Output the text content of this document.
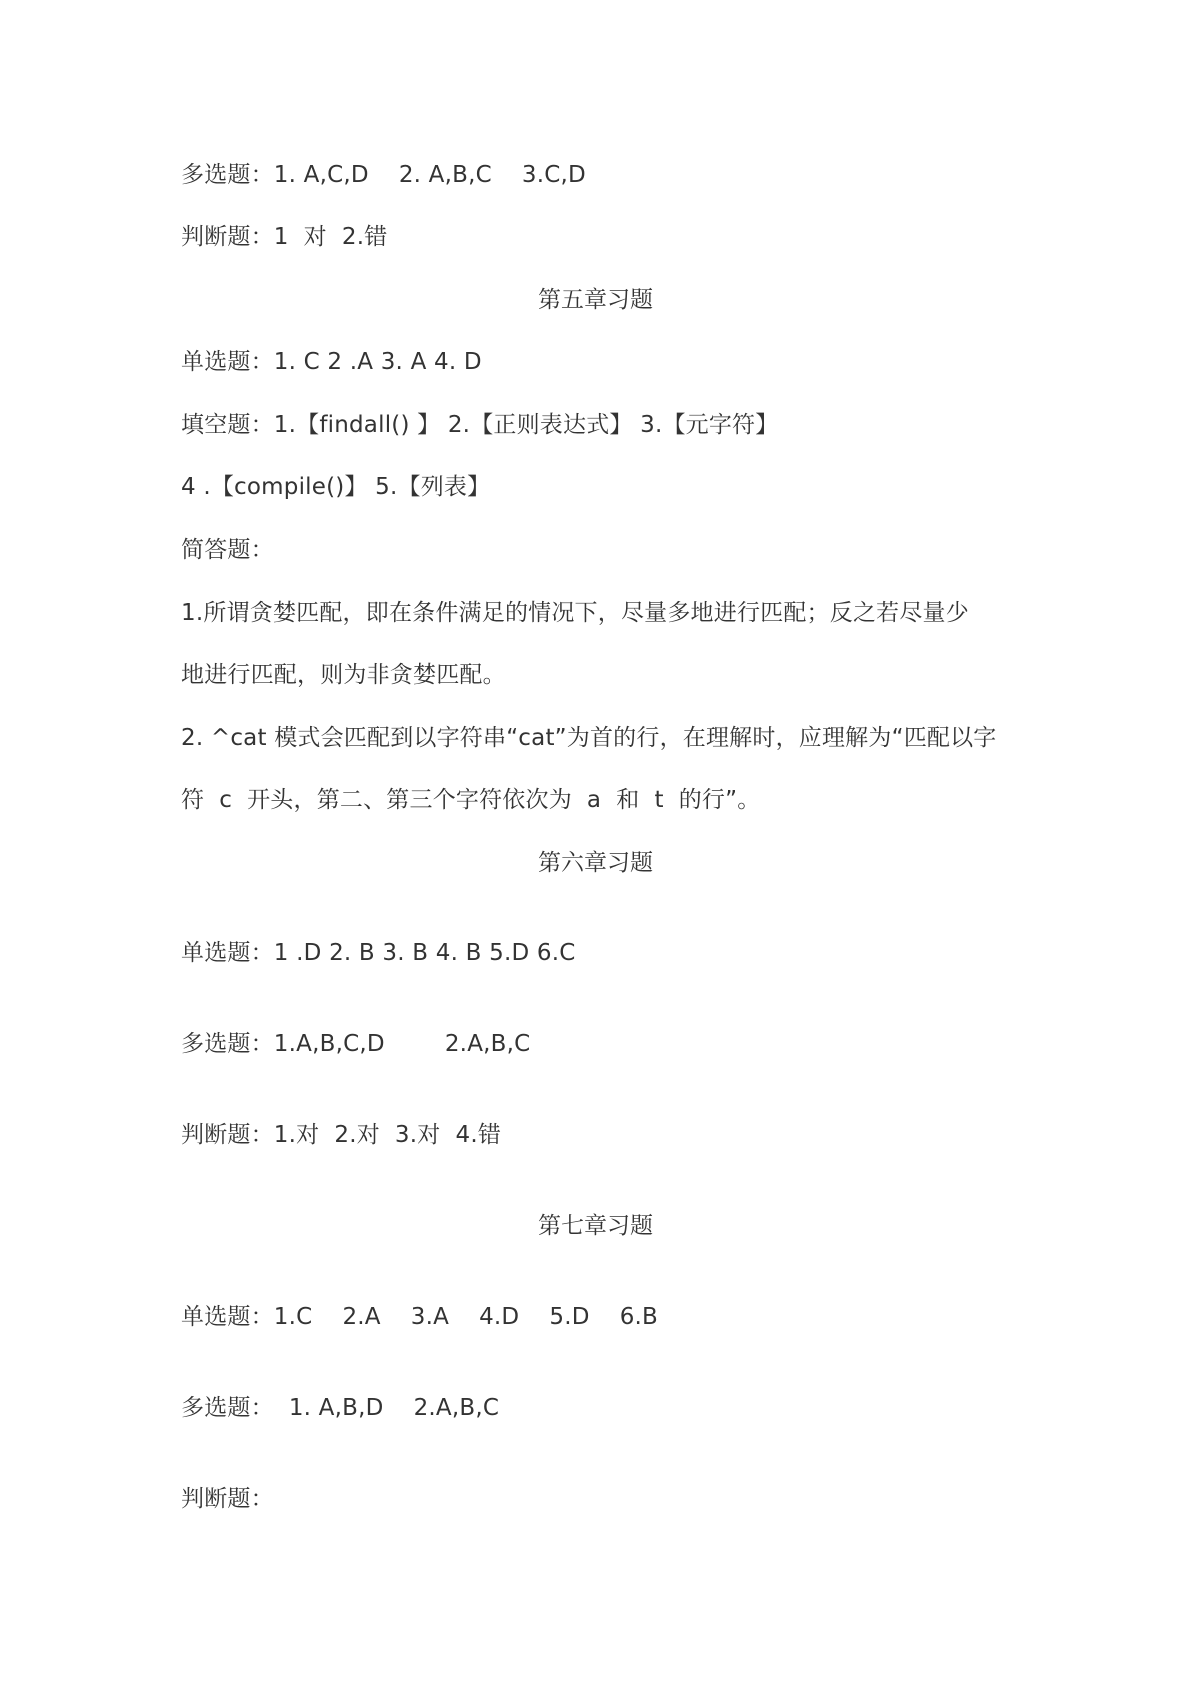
多选题：1. A,C,D    2. A,B,C    3.C,D
判断题：1  对  2.错
第五章习题
单选题：1. C 2 .A 3. A 4. D
填空题：1.【findall() 】 2.【正则表达式】 3.【元字符】
4 .【compile()】 5.【列表】
简答题：
1.所谓贪婪匹配，即在条件满足的情况下，尽量多地进行匹配；反之若尽量少
地进行匹配，则为非贪婪匹配。
2. ^cat 模式会匹配到以字符串“cat”为首的行，在理解时，应理解为“匹配以字
符  c  开头，第二、第三个字符依次为  a  和  t  的行”。
第六章习题
单选题：1 .D 2. B 3. B 4. B 5.D 6.C
多选题：1.A,B,C,D        2.A,B,C
判断题：1.对  2.对  3.对  4.错
第七章习题
单选题：1.C    2.A    3.A    4.D    5.D    6.B
多选题：  1. A,B,D    2.A,B,C
判断题：
